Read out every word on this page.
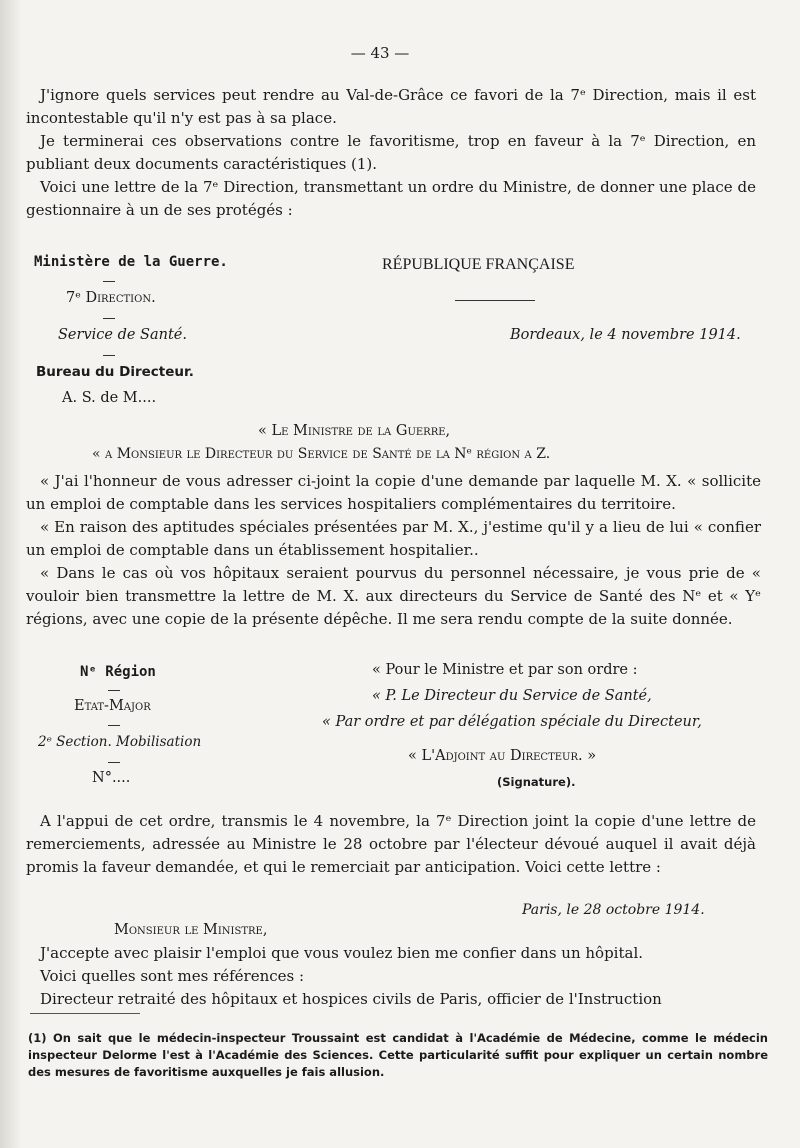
— 43 —

J'ignore quels services peut rendre au Val-de-Grâce ce favori de la 7ᵉ Direction, mais il est incontestable qu'il n'y est pas à sa place.

Je terminerai ces observations contre le favoritisme, trop en faveur à la 7ᵉ Direction, en publiant deux documents caractéristiques (1).

Voici une lettre de la 7ᵉ Direction, transmettant un ordre du Ministre, de donner une place de gestionnaire à un de ses protégés :

Ministère de la Guerre.
7ᵉ Direction.
Service de Santé.
Bureau du Directeur.
A. S. de M....
RÉPUBLIQUE FRANÇAISE
Bordeaux, le 4 novembre 1914.
« Le Ministre de la Guerre,
« a Monsieur le Directeur du Service de Santé de la Nᵉ région a Z.

« J'ai l'honneur de vous adresser ci-joint la copie d'une demande par laquelle M. X. « sollicite un emploi de comptable dans les services hospitaliers complémentaires du territoire.

« En raison des aptitudes spéciales présentées par M. X., j'estime qu'il y a lieu de lui « confier un emploi de comptable dans un établissement hospitalier..

« Dans le cas où vos hôpitaux seraient pourvus du personnel nécessaire, je vous prie de « vouloir bien transmettre la lettre de M. X. aux directeurs du Service de Santé des Nᵉ et « Yᵉ régions, avec une copie de la présente dépêche. Il me sera rendu compte de la suite donnée.

Nᵉ Région
Etat-Major
2ᵉ Section. Mobilisation
N°....
« Pour le Ministre et par son ordre :
« P. Le Directeur du Service de Santé,
« Par ordre et par délégation spéciale du Directeur,
« L'Adjoint au Directeur. »
(Signature).
A l'appui de cet ordre, transmis le 4 novembre, la 7ᵉ Direction joint la copie d'une lettre de remerciements, adressée au Ministre le 28 octobre par l'électeur dévoué auquel il avait déjà promis la faveur demandée, et qui le remerciait par anticipation. Voici cette lettre :
Paris, le 28 octobre 1914.
Monsieur le Ministre,

J'accepte avec plaisir l'emploi que vous voulez bien me confier dans un hôpital.

Voici quelles sont mes références :

Directeur retraité des hôpitaux et hospices civils de Paris, officier de l'Instruction

(1) On sait que le médecin-inspecteur Troussaint est candidat à l'Académie de Médecine, comme le médecin inspecteur Delorme l'est à l'Académie des Sciences. Cette particularité suffit pour expliquer un certain nombre des mesures de favoritisme auxquelles je fais allusion.
